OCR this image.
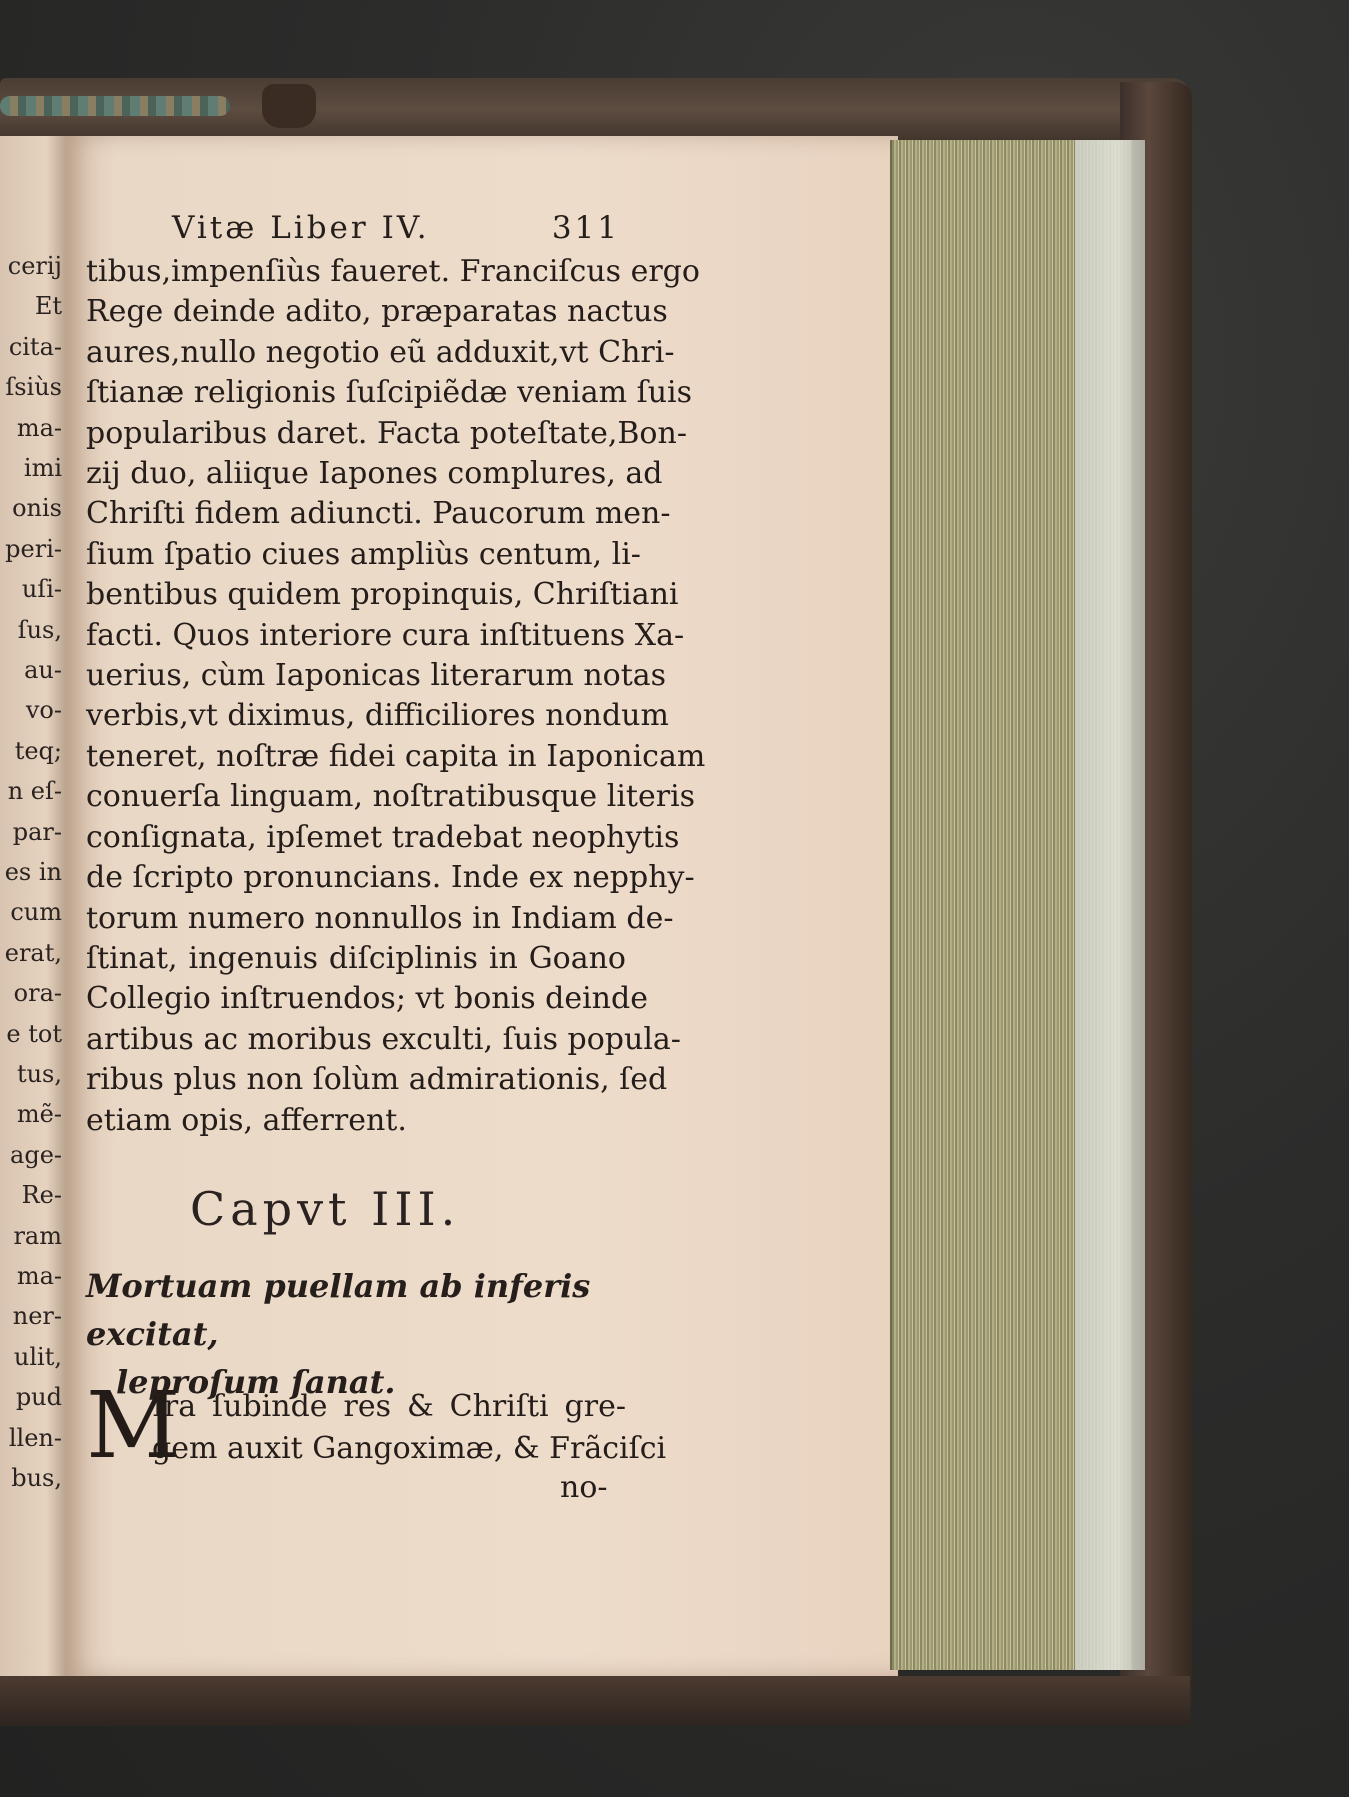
cerij
Et
cita-
ſsiùs
ma-
imi
onis
peri-
uſi-
ſus,
au-
vo-
teq;
n eſ-
par-
es in
cum
erat,
ora-
e tot
tus,
mẽ-
age-
Re-
ram
ma-
ner-
ulit,
pud
llen-
bus,
Vitæ Liber IV.	311
tibus,impenſiùs faueret. Franciſcus ergo
Rege deinde adito, præparatas nactus
aures,nullo negotio eũ adduxit,vt Chri-
ſtianæ religionis ſuſcipiẽdæ veniam ſuis
popularibus daret. Facta poteſtate,Bon-
zij duo, aliique Iapones complures, ad
Chriſti fidem adiuncti. Paucorum men-
ſium ſpatio ciues ampliùs centum, li-
bentibus quidem propinquis, Chriſtiani
facti. Quos interiore cura inſtituens Xa-
uerius, cùm Iaponicas literarum notas
verbis,vt diximus, difficiliores nondum
teneret, noſtræ fidei capita in Iaponicam
conuerſa linguam, noſtratibusque literis
conſignata, ipſemet tradebat neophytis
de ſcripto pronuncians. Inde ex nepphy-
torum numero nonnullos in Indiam de-
ſtinat, ingenuis diſciplinis in Goano
Collegio inſtruendos; vt bonis deinde
artibus ac moribus exculti, ſuis popula-
ribus plus non ſolùm admirationis, ſed
etiam opis, afferrent.
Capvt III.
Mortuam puellam ab inferis excitat,
leproſum ſanat.
M
Ira ſubinde res & Chriſti gre-
gem auxit Gangoximæ, & Frãciſci
no-
